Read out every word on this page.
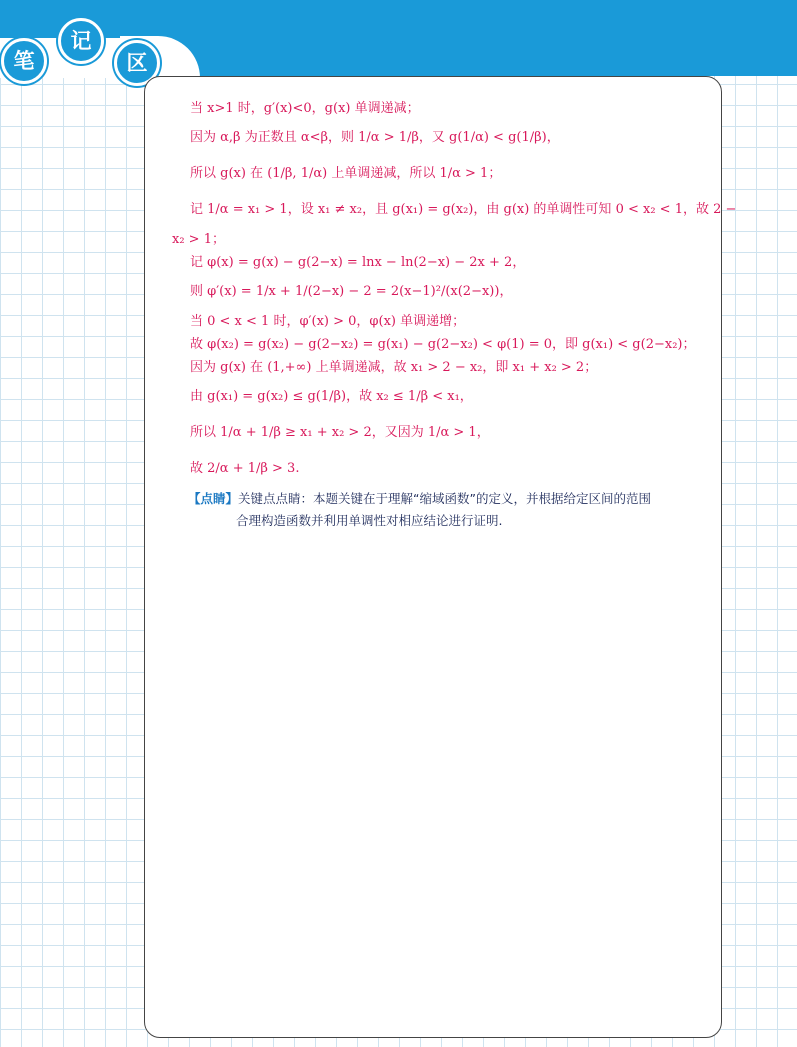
笔
记
区
当 x>1 时，g′(x)<0，g(x) 单调递减；
因为 α,β 为正数且 α<β，则 1/α > 1/β，又 g(1/α) < g(1/β)，
所以 g(x) 在 (1/β, 1/α) 上单调递减，所以 1/α > 1；
记 1/α = x₁ > 1，设 x₁ ≠ x₂，且 g(x₁) = g(x₂)，由 g(x) 的单调性可知 0 < x₂ < 1，故 2 −
x₂ > 1；
记 φ(x) = g(x) − g(2−x) = lnx − ln(2−x) − 2x + 2，
则 φ′(x) = 1/x + 1/(2−x) − 2 = 2(x−1)²/(x(2−x))，
当 0 < x < 1 时，φ′(x) > 0，φ(x) 单调递增；
故 φ(x₂) = g(x₂) − g(2−x₂) = g(x₁) − g(2−x₂) < φ(1) = 0，即 g(x₁) < g(2−x₂)；
因为 g(x) 在 (1,+∞) 上单调递减，故 x₁ > 2 − x₂，即 x₁ + x₂ > 2；
由 g(x₁) = g(x₂) ≤ g(1/β)，故 x₂ ≤ 1/β < x₁，
所以 1/α + 1/β ≥ x₁ + x₂ > 2，又因为 1/α > 1，
故 2/α + 1/β > 3.
【点睛】关键点点睛：本题关键在于理解“缩域函数”的定义，并根据给定区间的范围
合理构造函数并利用单调性对相应结论进行证明.
